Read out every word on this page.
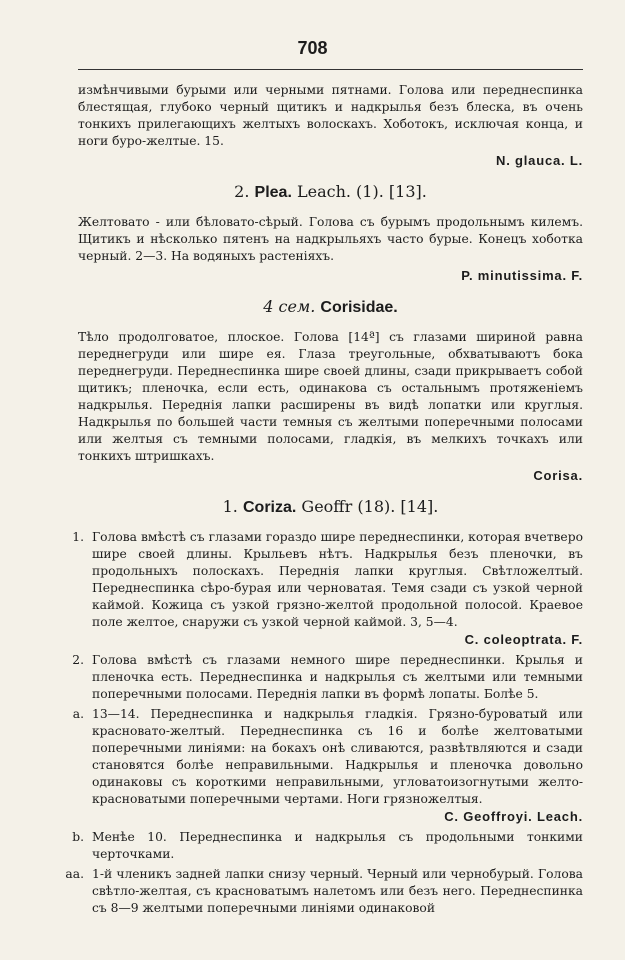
708

измѣнчивыми бурыми или черными пятнами. Голова или переднеспинка блестящая, глубоко черный щитикъ и надкрылья безъ блеска, въ очень тонкихъ прилегающихъ желтыхъ волоскахъ. Хоботокъ, исключая конца, и ноги буро-желтые. 15.

N. glauca. L.
2. Plea. Leach. (1). [13].

Желтовато - или бѣловато-сѣрый. Голова съ бурымъ продольнымъ килемъ. Щитикъ и нѣсколько пятенъ на надкрыльяхъ часто бурые. Конецъ хоботка черный. 2—3. На водяныхъ растеніяхъ.

P. minutissima. F.
4 сем. Corisidae.

Тѣло продолговатое, плоское. Голова [14ª] съ глазами шириной равна переднегруди или шире ея. Глаза треугольные, обхватываютъ бока переднегруди. Переднеспинка шире своей длины, сзади прикрываетъ собой щитикъ; пленочка, если есть, одинакова съ остальнымъ протяженіемъ надкрылья. Переднія лапки расширены въ видѣ лопатки или круглыя. Надкрылья по большей части темныя съ желтыми поперечными полосами или желтыя съ темными полосами, гладкія, въ мелкихъ точкахъ или тонкихъ штришкахъ.

Corisa.
1. Coriza. Geoffr (18). [14].
1. Голова вмѣстѣ съ глазами гораздо шире переднеспинки, которая вчетверо шире своей длины. Крыльевъ нѣтъ. Надкрылья безъ пленочки, въ продольныхъ полоскахъ. Переднія лапки круглыя. Свѣтложелтый. Переднеспинка сѣро-бурая или черноватая. Темя сзади съ узкой черной каймой. Кожица съ узкой грязно-желтой продольной полосой. Краевое поле желтое, снаружи съ узкой черной каймой. 3, 5—4.
C. coleoptrata. F.
2. Голова вмѣстѣ съ глазами немного шире переднеспинки. Крылья и пленочка есть. Переднеспинка и надкрылья съ желтыми или темными поперечными полосами. Переднія лапки въ формѣ лопаты. Болѣе 5.
a. 13—14. Переднеспинка и надкрылья гладкія. Грязно-буроватый или красновато-желтый. Переднеспинка съ 16 и болѣе желтоватыми поперечными линіями: на бокахъ онѣ сливаются, развѣтвляются и сзади становятся болѣе неправильными. Надкрылья и пленочка довольно одинаковы съ короткими неправильными, угловатоизогнутыми желто-красноватыми поперечными чертами. Ноги грязножелтыя.
C. Geoffroyi. Leach.
b. Менѣе 10. Переднеспинка и надкрылья съ продольными тонкими черточками.
aa. 1-й членикъ задней лапки снизу черный. Черный или чернобурый. Голова свѣтло-желтая, съ красноватымъ налетомъ или безъ него. Переднеспинка съ 8—9 желтыми поперечными линіями одинаковой
